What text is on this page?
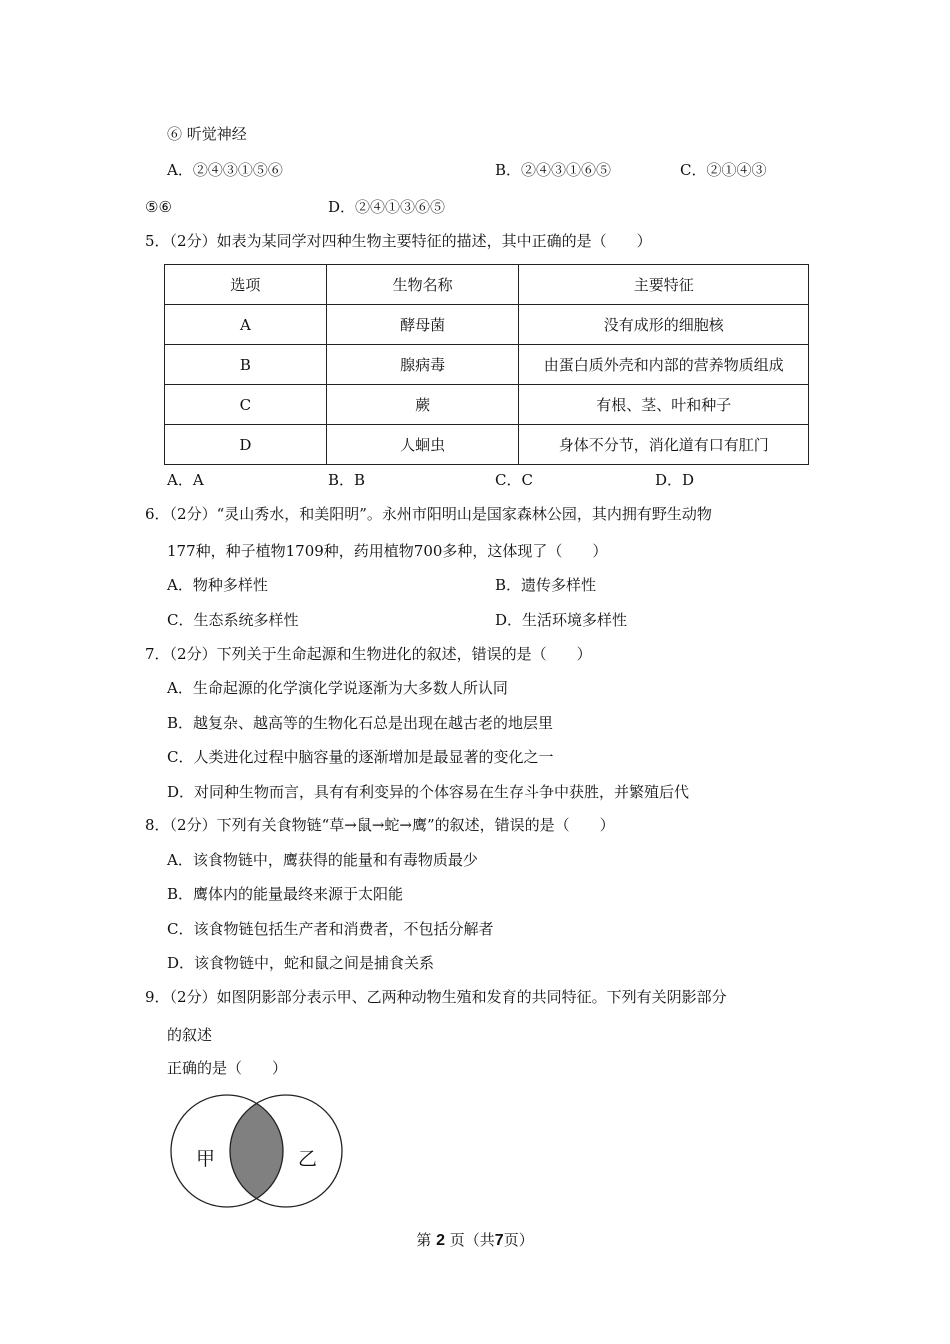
⑥ 听觉神经
A．②④③①⑤⑥	B．②④③①⑥⑤	C．②①④③
⑤⑥	D．②④①③⑥⑤
5．（2分）如表为某同学对四种生物主要特征的描述，其中正确的是（　　）
选项	生物名称	主要特征
A	酵母菌	没有成形的细胞核
B	腺病毒	由蛋白质外壳和内部的营养物质组成
C	蕨	有根、茎、叶和种子
D	人蛔虫	身体不分节，消化道有口有肛门
A．A	B．B	C．C	D．D
6．（2分）“灵山秀水，和美阳明”。永州市阳明山是国家森林公园，其内拥有野生动物
177种，种子植物1709种，药用植物700多种，这体现了（　　）
A．物种多样性	B．遗传多样性
C．生态系统多样性	D．生活环境多样性
7．（2分）下列关于生命起源和生物进化的叙述，错误的是（　　）
A．生命起源的化学演化学说逐渐为大多数人所认同
B．越复杂、越高等的生物化石总是出现在越古老的地层里
C．人类进化过程中脑容量的逐渐增加是最显著的变化之一
D．对同种生物而言，具有有利变异的个体容易在生存斗争中获胜，并繁殖后代
8．（2分）下列有关食物链“草→鼠→蛇→鹰”的叙述，错误的是（　　）
A．该食物链中，鹰获得的能量和有毒物质最少
B．鹰体内的能量最终来源于太阳能
C．该食物链包括生产者和消费者，不包括分解者
D．该食物链中，蛇和鼠之间是捕食关系
9．（2分）如图阴影部分表示甲、乙两种动物生殖和发育的共同特征。下列有关阴影部分
的叙述
正确的是（　　）
甲	乙
第 2 页（共7页）
